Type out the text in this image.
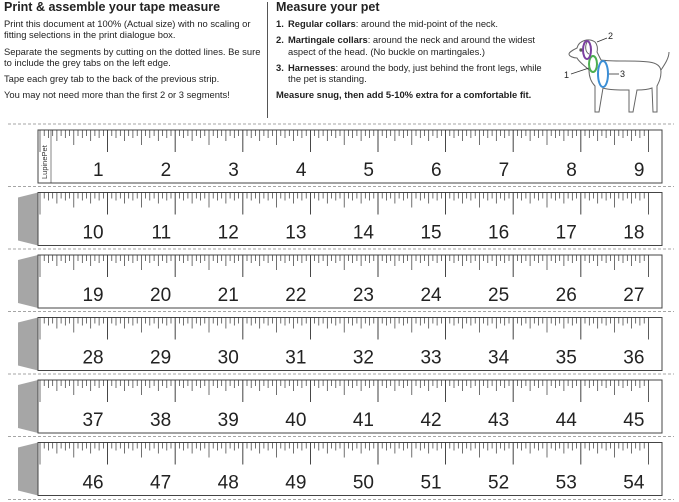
Print & assemble your tape measure

Print this document at 100% (Actual size) with no scaling or fitting selections in the print dialogue box.

Separate the segments by cutting on the dotted lines. Be sure to include the grey tabs on the left edge.

Tape each grey tab to the back of the previous strip.

You may not need more than the first 2 or 3 segments!

Measure your pet
1. Regular collars: around the mid-point of the neck.
2. Martingale collars: around the neck and around the widest aspect of the head. (No buckle on martingales.)
3. Harnesses: around the body, just behind the front legs, while the pet is standing.
Measure snug, then add 5-10% extra for a comfortable fit.
1
2
3
1	2	3	4	5	6	7	8	9
LupinePet
10	11 12 13 14 15 16 17 18
19 20 21 22 23 24 25 26 27
28 29 30 31 32 33 34 35 36
37 38 39 40 41 42 43 44 45
46 47 48 49 50 51 52 53 54
